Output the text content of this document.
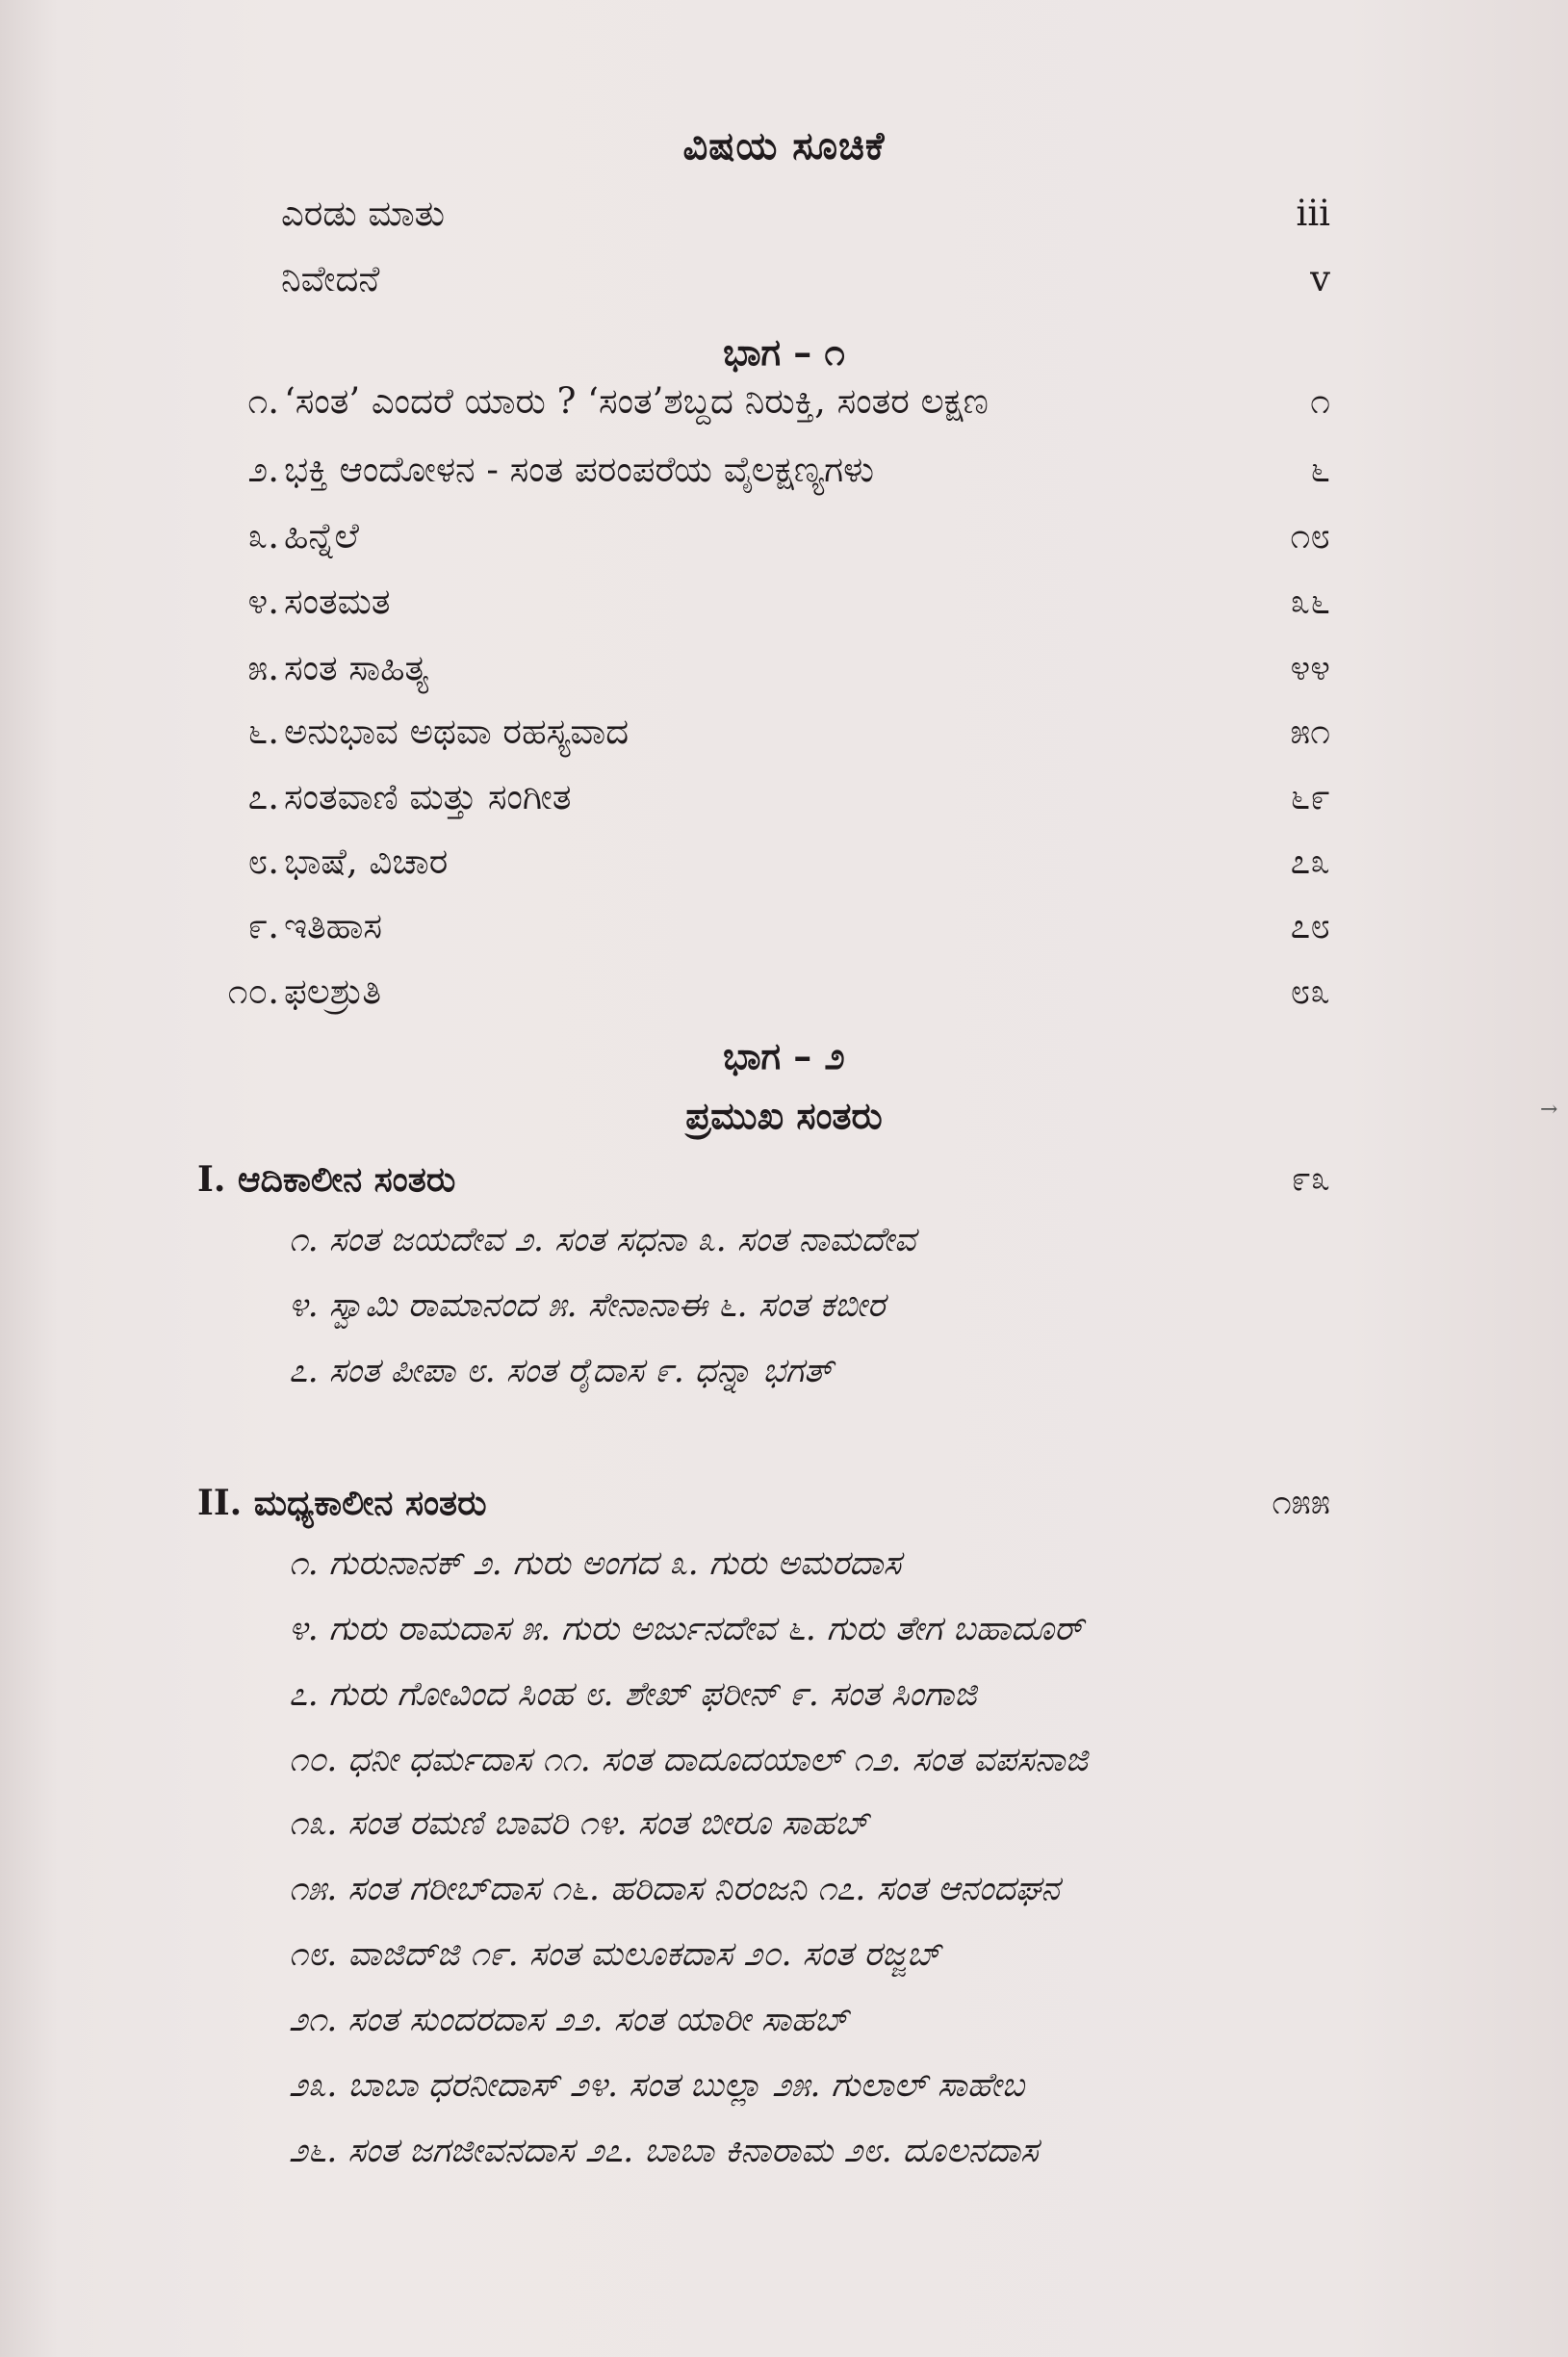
ವಿಷಯ ಸೂಚಿಕೆ
ಎರಡು ಮಾತು	iii
ನಿವೇದನೆ	v
ಭಾಗ – ೧
೧. ‘ಸಂತ’ ಎಂದರೆ ಯಾರು ? ‘ಸಂತ’ಶಬ್ದದ ನಿರುಕ್ತಿ, ಸಂತರ ಲಕ್ಷಣ	೧
೨. ಭಕ್ತಿ ಆಂದೋಳನ - ಸಂತ ಪರಂಪರೆಯ ವೈಲಕ್ಷಣ್ಯಗಳು	೬
೩. ಹಿನ್ನೆಲೆ	೧೮
೪. ಸಂತಮತ	೩೬
೫. ಸಂತ ಸಾಹಿತ್ಯ	೪೪
೬. ಅನುಭಾವ ಅಥವಾ ರಹಸ್ಯವಾದ	೫೧
೭. ಸಂತವಾಣಿ ಮತ್ತು ಸಂಗೀತ	೬೯
೮. ಭಾಷೆ, ವಿಚಾರ	೭೩
೯. ಇತಿಹಾಸ	೭೮
೧೦. ಫಲಶ್ರುತಿ	೮೩
ಭಾಗ – ೨
ಪ್ರಮುಖ ಸಂತರು
I. ಆದಿಕಾಲೀನ ಸಂತರು	೯೩
೧. ಸಂತ ಜಯದೇವ ೨. ಸಂತ ಸಧನಾ ೩. ಸಂತ ನಾಮದೇವ
೪. ಸ್ವಾಮಿ ರಾಮಾನಂದ ೫. ಸೇನಾನಾಈ ೬. ಸಂತ ಕಬೀರ
೭. ಸಂತ ಪೀಪಾ ೮. ಸಂತ ರೈದಾಸ ೯. ಧನ್ನಾ ಭಗತ್
II. ಮಧ್ಯಕಾಲೀನ ಸಂತರು	೧೫೫
೧. ಗುರುನಾನಕ್ ೨. ಗುರು ಅಂಗದ ೩. ಗುರು ಅಮರದಾಸ
೪. ಗುರು ರಾಮದಾಸ ೫. ಗುರು ಅರ್ಜುನದೇವ ೬. ಗುರು ತೇಗ ಬಹಾದೂರ್
೭. ಗುರು ಗೋವಿಂದ ಸಿಂಹ ೮. ಶೇಖ್ ಫರೀನ್ ೯. ಸಂತ ಸಿಂಗಾಜಿ
೧೦. ಧನೀ ಧರ್ಮದಾಸ ೧೧. ಸಂತ ದಾದೂದಯಾಲ್ ೧೨. ಸಂತ ವಪಸನಾಜಿ
೧೩. ಸಂತ ರಮಣಿ ಬಾವರಿ ೧೪. ಸಂತ ಬೀರೂ ಸಾಹಬ್
೧೫. ಸಂತ ಗರೀಬ್‌ದಾಸ ೧೬. ಹರಿದಾಸ ನಿರಂಜನಿ ೧೭. ಸಂತ ಆನಂದಘನ
೧೮. ವಾಜಿದ್‌ಜಿ ೧೯. ಸಂತ ಮಲೂಕದಾಸ ೨೦. ಸಂತ ರಜ್ಜಬ್
೨೧. ಸಂತ ಸುಂದರದಾಸ ೨೨. ಸಂತ ಯಾರೀ ಸಾಹಬ್
೨೩. ಬಾಬಾ ಧರನೀದಾಸ್ ೨೪. ಸಂತ ಬುಲ್ಲಾ ೨೫. ಗುಲಾಲ್ ಸಾಹೇಬ
೨೬. ಸಂತ ಜಗಜೀವನದಾಸ ೨೭. ಬಾಬಾ ಕಿನಾರಾಮ ೨೮. ದೂಲನದಾಸ
→
